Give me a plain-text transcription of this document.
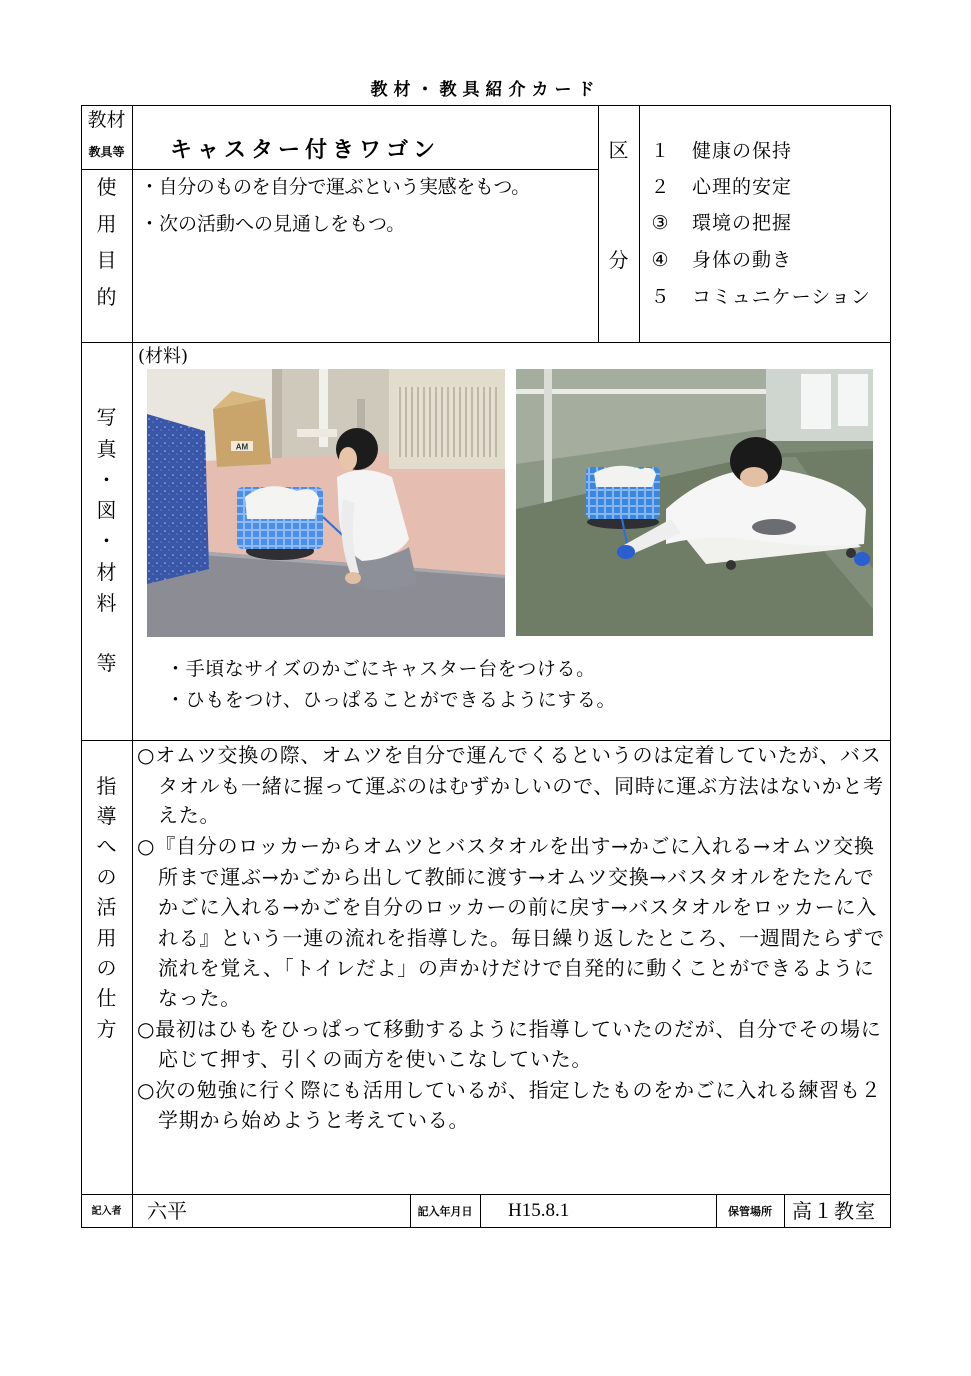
教材・教具紹介カード
教材
教具等	キャスター付きワゴン
使
用
目
的
・自分のものを自分で運ぶという実感をもつ。
・次の活動への見通しをもつ。
区
分
１ 健康の保持
２ 心理的安定
③ 環境の把握
④ 身体の動き
５ コミュニケーション
写
真
・
図
・
材
料
等
(材料)
AM
・手頃なサイズのかごにキャスター台をつける。
・ひもをつけ、ひっぱることができるようにする。
指
導
へ
の
活
用
の
仕
方
○オムツ交換の際、オムツを自分で運んでくるというのは定着していたが、バス
タオルも一緒に握って運ぶのはむずかしいので、同時に運ぶ方法はないかと考
えた。
○『自分のロッカーからオムツとバスタオルを出す→かごに入れる→オムツ交換
所まで運ぶ→かごから出して教師に渡す→オムツ交換→バスタオルをたたんで
かごに入れる→かごを自分のロッカーの前に戻す→バスタオルをロッカーに入
れる』という一連の流れを指導した。毎日繰り返したところ、一週間たらずで
流れを覚え、「トイレだよ」の声かけだけで自発的に動くことができるように
なった。
○最初はひもをひっぱって移動するように指導していたのだが、自分でその場に
応じて押す、引くの両方を使いこなしていた。
○次の勉強に行く際にも活用しているが、指定したものをかごに入れる練習も２
学期から始めようと考えている。
記入者	六平	記入年月日	H15.8.1	保管場所	高１教室
